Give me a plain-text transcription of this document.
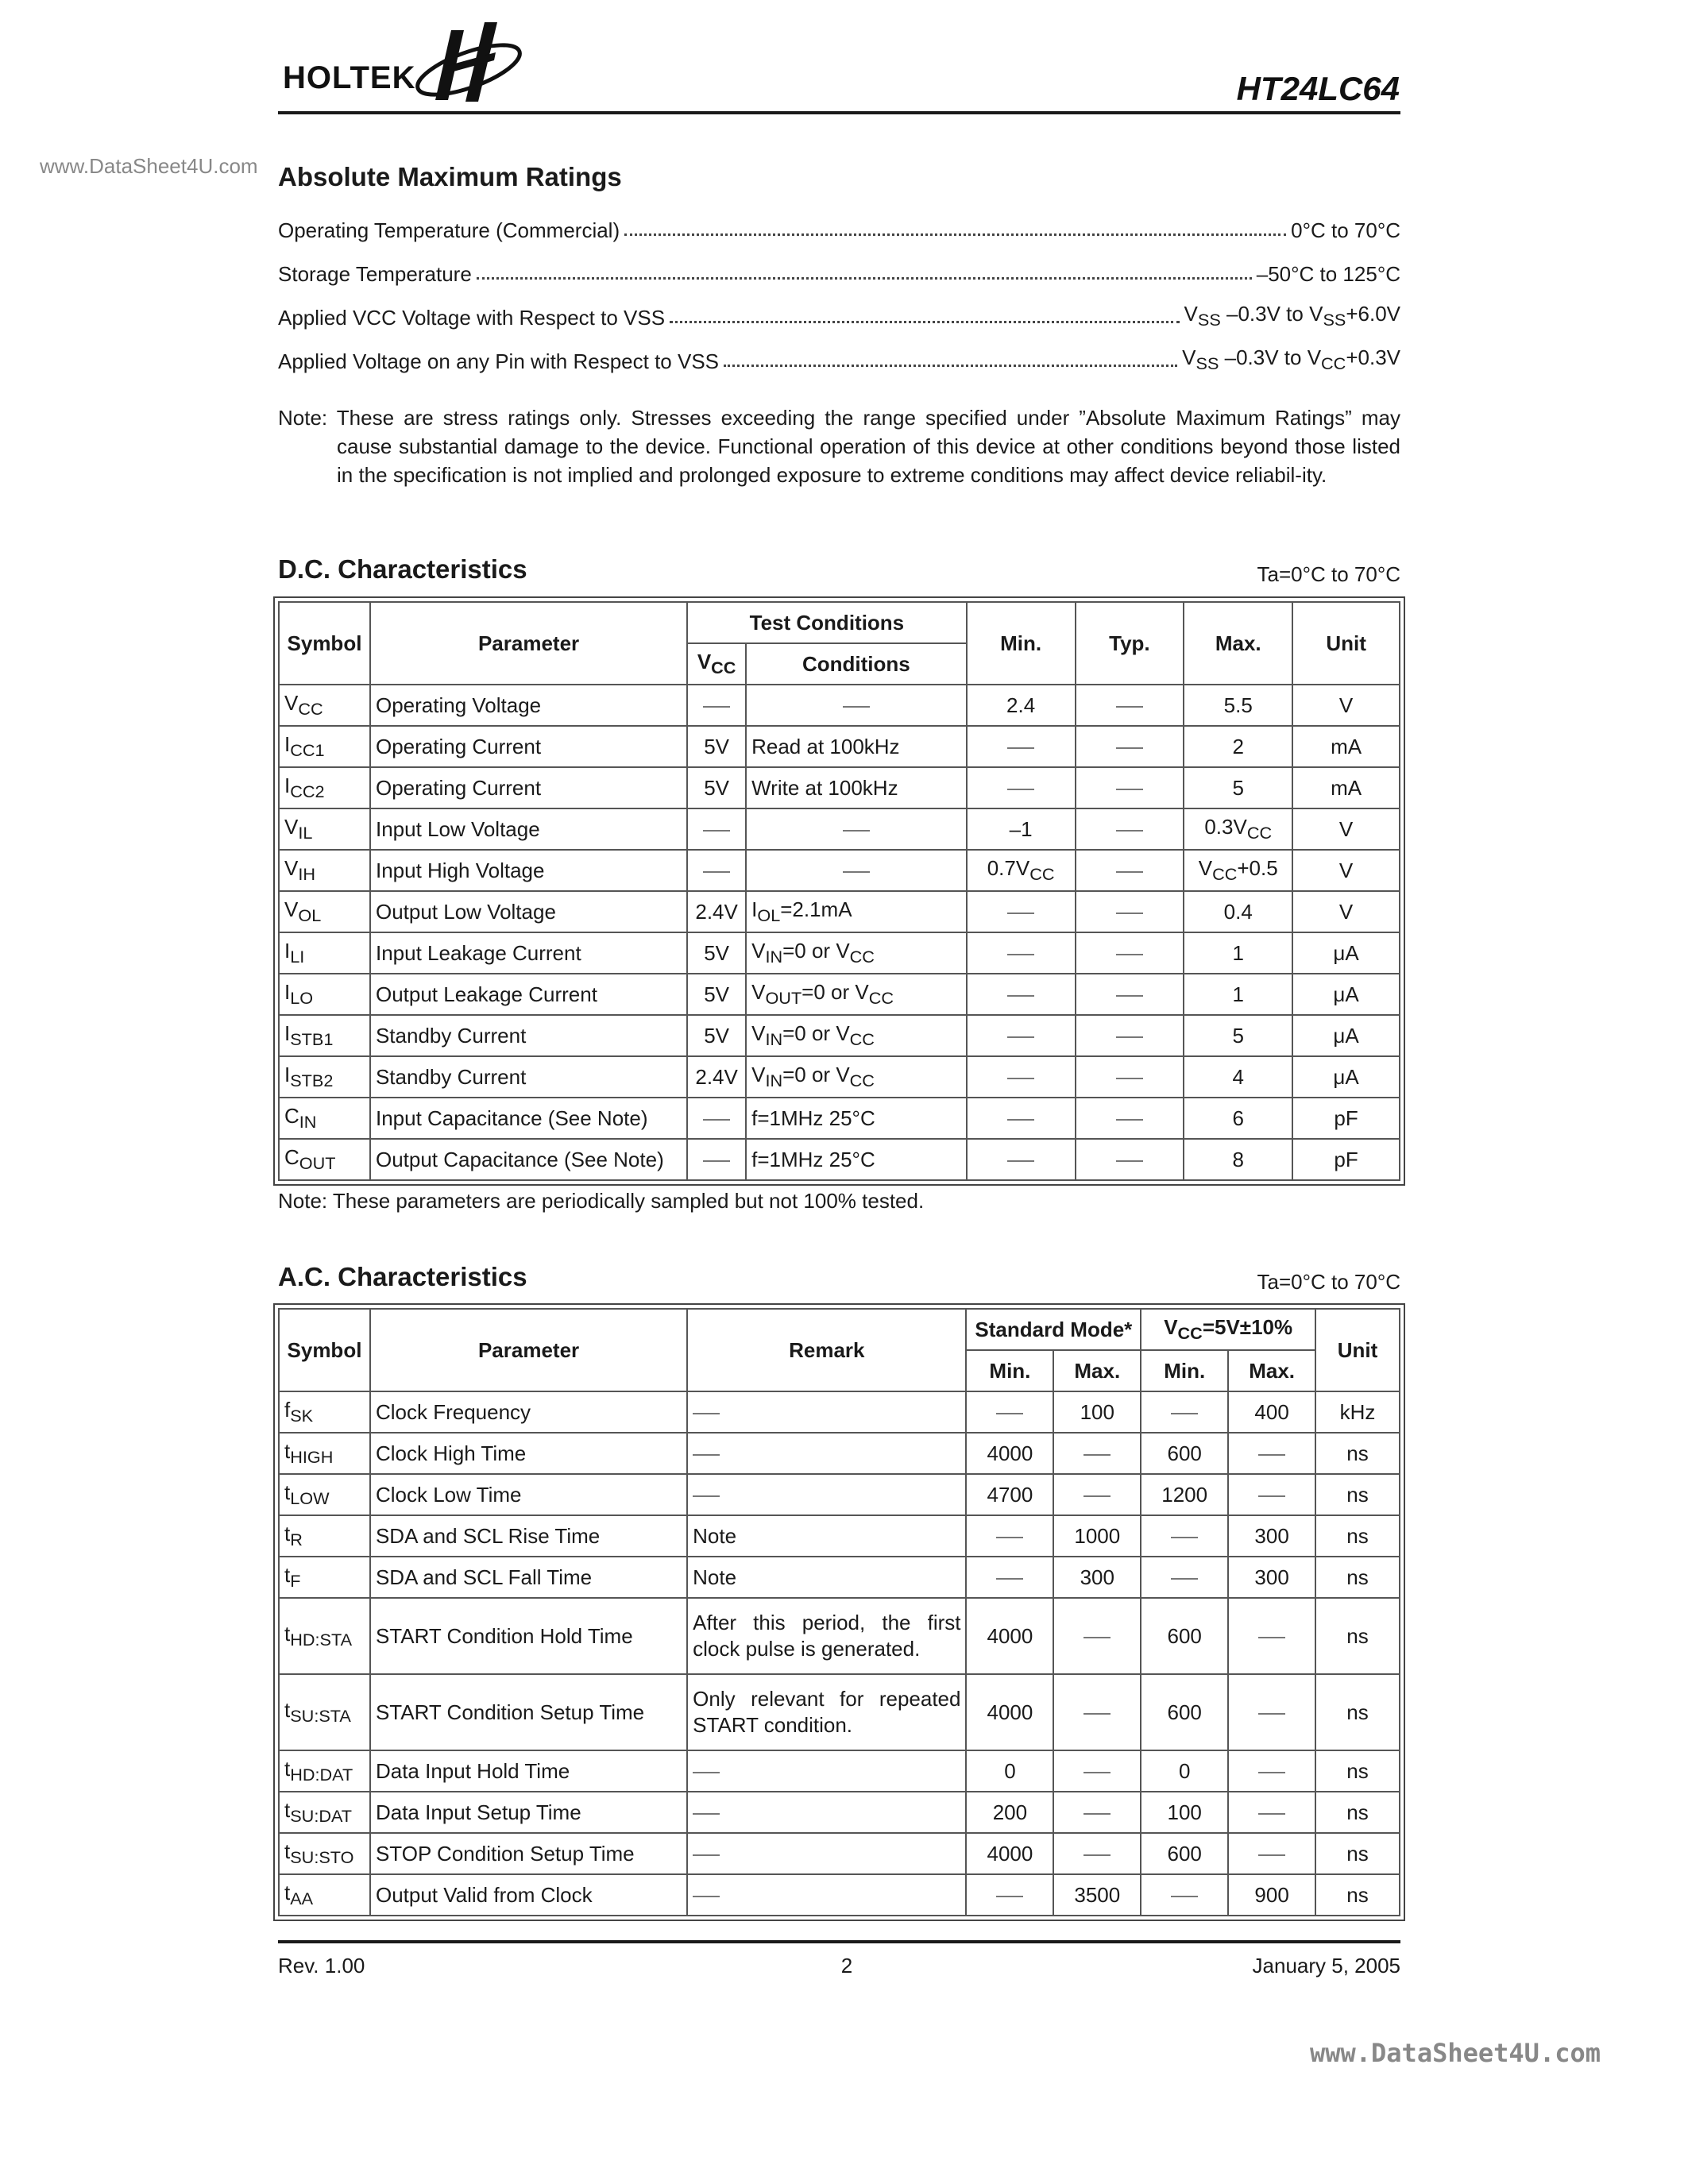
HOLTEK	HT24LC64
www.DataSheet4U.com Absolute Maximum Ratings
Operating Temperature (Commercial)	0°C to 70°C
Storage Temperature	–50°C to 125°C
Applied VCC Voltage with Respect to VSS	$V_{SS}$ –0.3V to $V_{SS}+6.0V$
Applied Voltage on any Pin with Respect to VSS	$V_{SS}$ –0.3V to $V_{CC}+0.3V$
Note: These are stress ratings only. Stresses exceeding the range specified under ”Absolute Maximum Ratings” may cause substantial damage to the device. Functional operation of this device at other conditions beyond those listed in the specification is not implied and prolonged exposure to extreme conditions may affect device reliabil-ity.
D.C. Characteristics	Ta=0°C to 70°C
Symbol	Parameter	Test Conditions		Min.	Typ.	Max.	Unit
		$V_{CC}$	Conditions				
$V_{CC}$	Operating Voltage			2.4		5.5	V
$I_{CC1}$	Operating Current	5V	Read at 100kHz			2	mA
$I_{CC2}$	Operating Current	5V	Write at 100kHz			5	mA
$V_{IL}$	Input Low Voltage			–1		$0.3V_{CC}$	V
$V_{IH}$	Input High Voltage			$0.7V_{CC}$		$V_{CC}+0.5$	V
$V_{OL}$	Output Low Voltage	2.4V	$I_{OL}=2.1mA$			0.4	V
$I_{LI}$	Input Leakage Current	5V	$V_{IN}=0$ or $V_{CC}$			1	μA
$I_{LO}$	Output Leakage Current	5V	$V_{OUT}=0$ or $V_{CC}$			1	μA
$I_{STB1}$	Standby Current	5V	$V_{IN}=0$ or $V_{CC}$			5	μA
$I_{STB2}$	Standby Current	2.4V	$V_{IN}=0$ or $V_{CC}$			4	μA
$C_{IN}$	Input Capacitance (See Note)		f=1MHz 25°C			6	pF
$C_{OUT}$	Output Capacitance (See Note)		f=1MHz 25°C			8	pF
Note: These parameters are periodically sampled but not 100% tested.
A.C. Characteristics	Ta=0°C to 70°C
Symbol	Parameter	Remark	Standard Mode*		$V_{CC}=5V\pm 10\%$		Unit
			Min.	Max.	Min.	Max.	
$f_{SK}$	Clock Frequency			100		400	kHz
$t_{HIGH}$	Clock High Time		4000		600		ns
$t_{LOW}$	Clock Low Time		4700		1200		ns
$t_R$	SDA and SCL Rise Time	Note		1000		300	ns
$t_F$	SDA and SCL Fall Time	Note		300		300	ns
$t_{HD:STA}$	START Condition Hold Time	After this period, the first clock pulse is generated.	4000		600		ns
$t_{SU:STA}$	START Condition Setup Time	Only relevant for repeated START condition.	4000		600		ns
$t_{HD:DAT}$	Data Input Hold Time		0		0		ns
$t_{SU:DAT}$	Data Input Setup Time		200		100		ns
$t_{SU:STO}$	STOP Condition Setup Time		4000		600		ns
$t_{AA}$	Output Valid from Clock			3500		900	ns
Rev. 1.00	2	January 5, 2005
www.DataSheet4U.com
